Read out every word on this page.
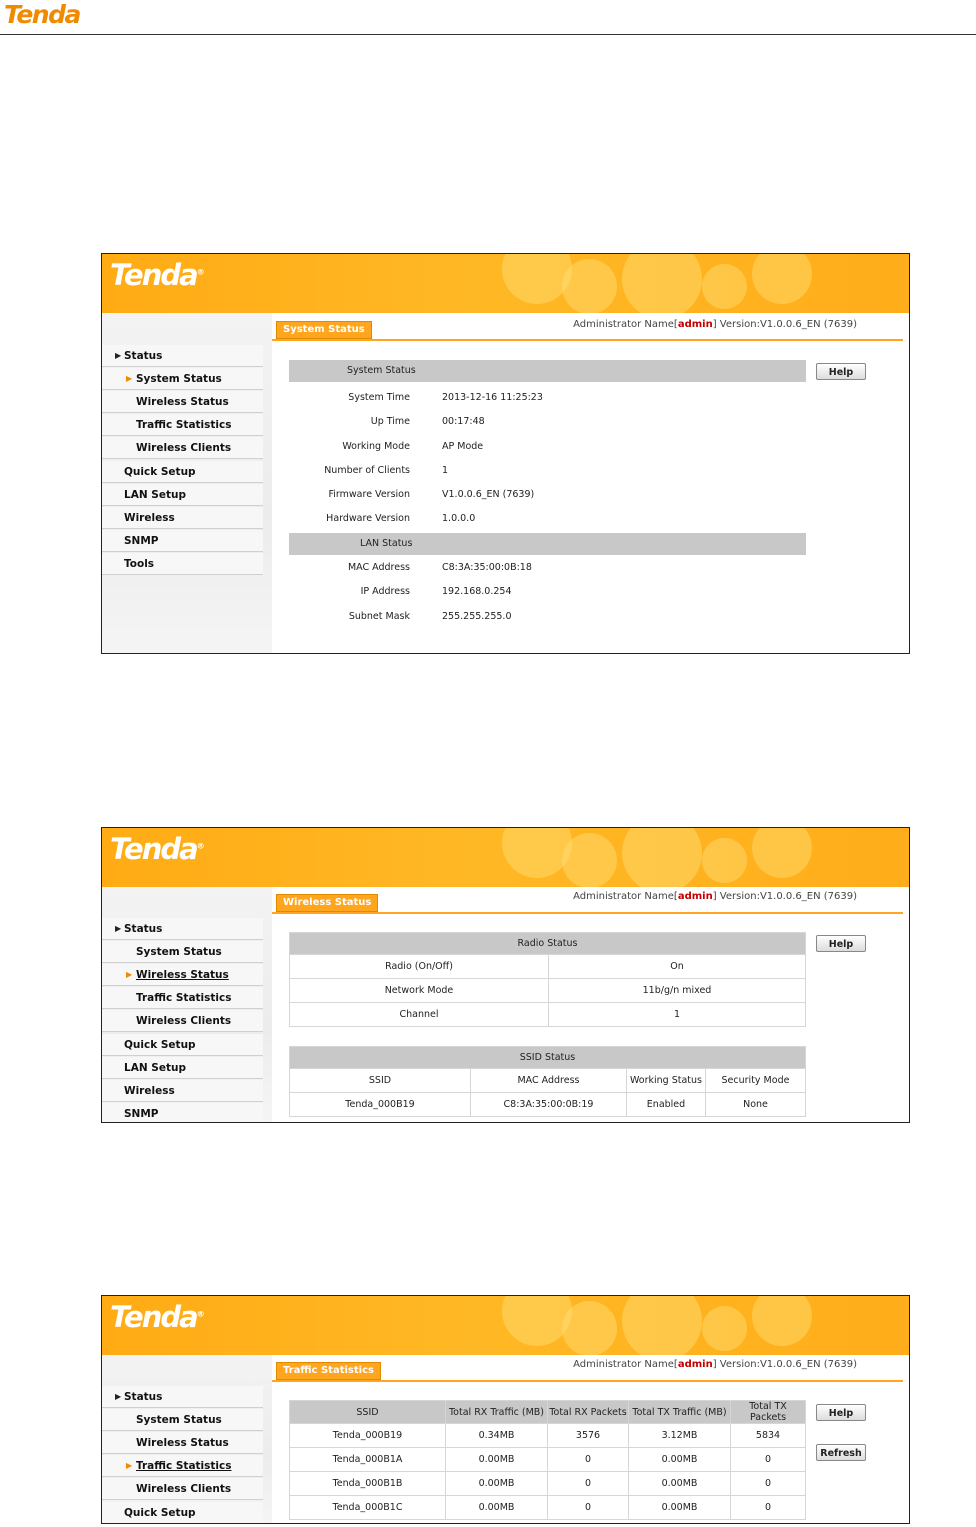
Tenda
Tenda®
▶ Status
▶ System Status
Wireless Status
Traffic Statistics
Wireless Clients
Quick Setup
LAN Setup
Wireless
SNMP
Tools
System Status	Administrator Name[admin] Version:V1.0.0.6_EN (7639)
Help
System Status
System Time	2013-12-16 11:25:23
Up Time	00:17:48
Working Mode	AP Mode
Number of Clients	1
Firmware Version	V1.0.0.6_EN (7639)
Hardware Version	1.0.0.0
LAN Status
MAC Address	C8:3A:35:00:0B:18
IP Address	192.168.0.254
Subnet Mask	255.255.255.0
Tenda®
▶ Status
System Status
▶ Wireless Status
Traffic Statistics
Wireless Clients
Quick Setup
LAN Setup
Wireless
SNMP
Wireless Status
Administrator Name[admin] Version:V1.0.0.6_EN (7639)
Help
Radio Status	
Radio (On/Off)	On
Network Mode	11b/g/n mixed
Channel	1
SSID Status			
SSID	MAC Address	Working Status	Security Mode
Tenda_000B19	C8:3A:35:00:0B:19	Enabled	None
Tenda®
▶ Status
System Status
Wireless Status
▶ Traffic Statistics
Wireless Clients
Quick Setup
Traffic Statistics
Administrator Name[admin] Version:V1.0.0.6_EN (7639)
Help
Refresh
SSID	Total RX Traffic (MB)	Total RX Packets	Total TX Traffic (MB)	Total TX Packets
Tenda_000B19	0.34MB	3576	3.12MB	5834
Tenda_000B1A	0.00MB	0	0.00MB	0
Tenda_000B1B	0.00MB	0	0.00MB	0
Tenda_000B1C	0.00MB	0	0.00MB	0
